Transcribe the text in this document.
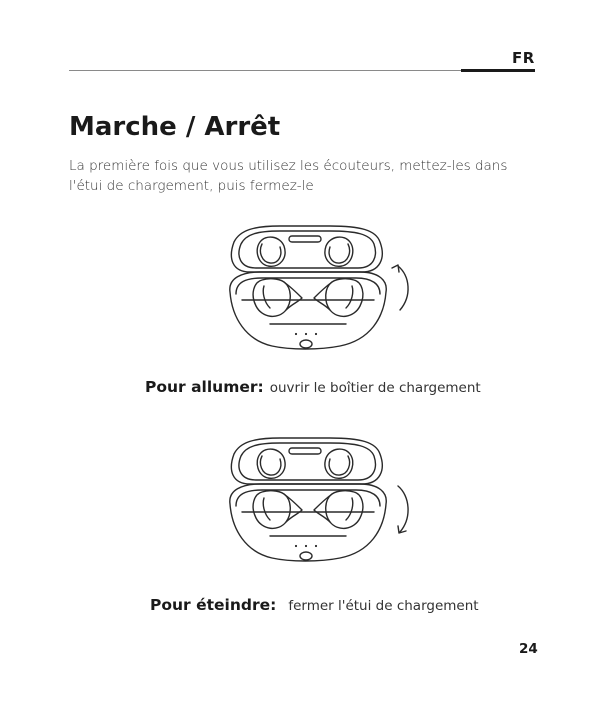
FR
Marche / Arrêt
La première fois que vous utilisez les écouteurs, mettez-les dans l'étui de chargement, puis fermez-le
Pour allumer: ouvrir le boîtier de chargement
Pour éteindre: fermer l'étui de chargement
24
